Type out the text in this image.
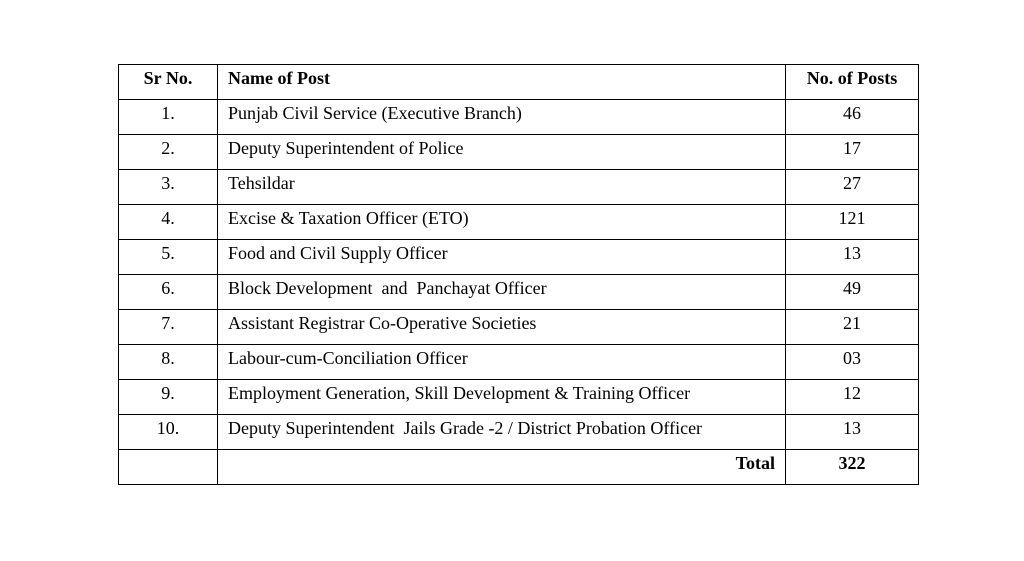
Sr No.	Name of Post	No. of Posts
1.	Punjab Civil Service (Executive Branch)	46
2.	Deputy Superintendent of Police	17
3.	Tehsildar	27
4.	Excise & Taxation Officer (ETO)	121
5.	Food and Civil Supply Officer	13
6.	Block Development  and  Panchayat Officer	49
7.	Assistant Registrar Co-Operative Societies	21
8.	Labour-cum-Conciliation Officer	03
9.	Employment Generation, Skill Development & Training Officer	12
10.	Deputy Superintendent  Jails Grade -2 / District Probation Officer	13
	Total	322
